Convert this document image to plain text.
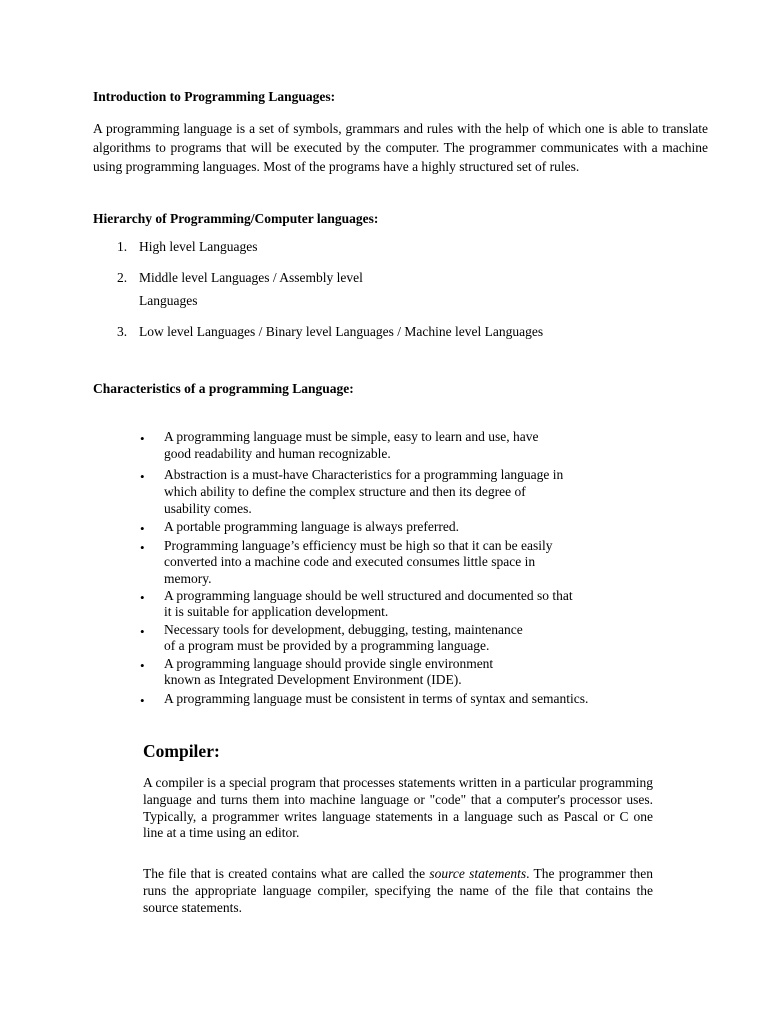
Introduction to Programming Languages:
A programming language is a set of symbols, grammars and rules with the help of which one is able to translate algorithms to programs that will be executed by the computer. The programmer communicates with a machine using programming languages. Most of the programs have a highly structured set of rules.
Hierarchy of Programming/Computer languages:
1. High level Languages
2. Middle level Languages / Assembly level
Languages
3. Low level Languages / Binary level Languages / Machine level Languages
Characteristics of a programming Language:
• A programming language must be simple, easy to learn and use, have
good readability and human recognizable.
• Abstraction is a must-have Characteristics for a programming language in
which ability to define the complex structure and then its degree of
usability comes.
• A portable programming language is always preferred.
• Programming language’s efficiency must be high so that it can be easily
converted into a machine code and executed consumes little space in
memory.
• A programming language should be well structured and documented so that
it is suitable for application development.
• Necessary tools for development, debugging, testing, maintenance
of a program must be provided by a programming language.
• A programming language should provide single environment
known as Integrated Development Environment (IDE).
• A programming language must be consistent in terms of syntax and semantics.
Compiler:
A compiler is a special program that processes statements written in a particular programming language and turns them into machine language or "code" that a computer's processor uses. Typically, a programmer writes language statements in a language such as Pascal or C one line at a time using an editor.
The file that is created contains what are called the source statements. The programmer then runs the appropriate language compiler, specifying the name of the file that contains the source statements.
